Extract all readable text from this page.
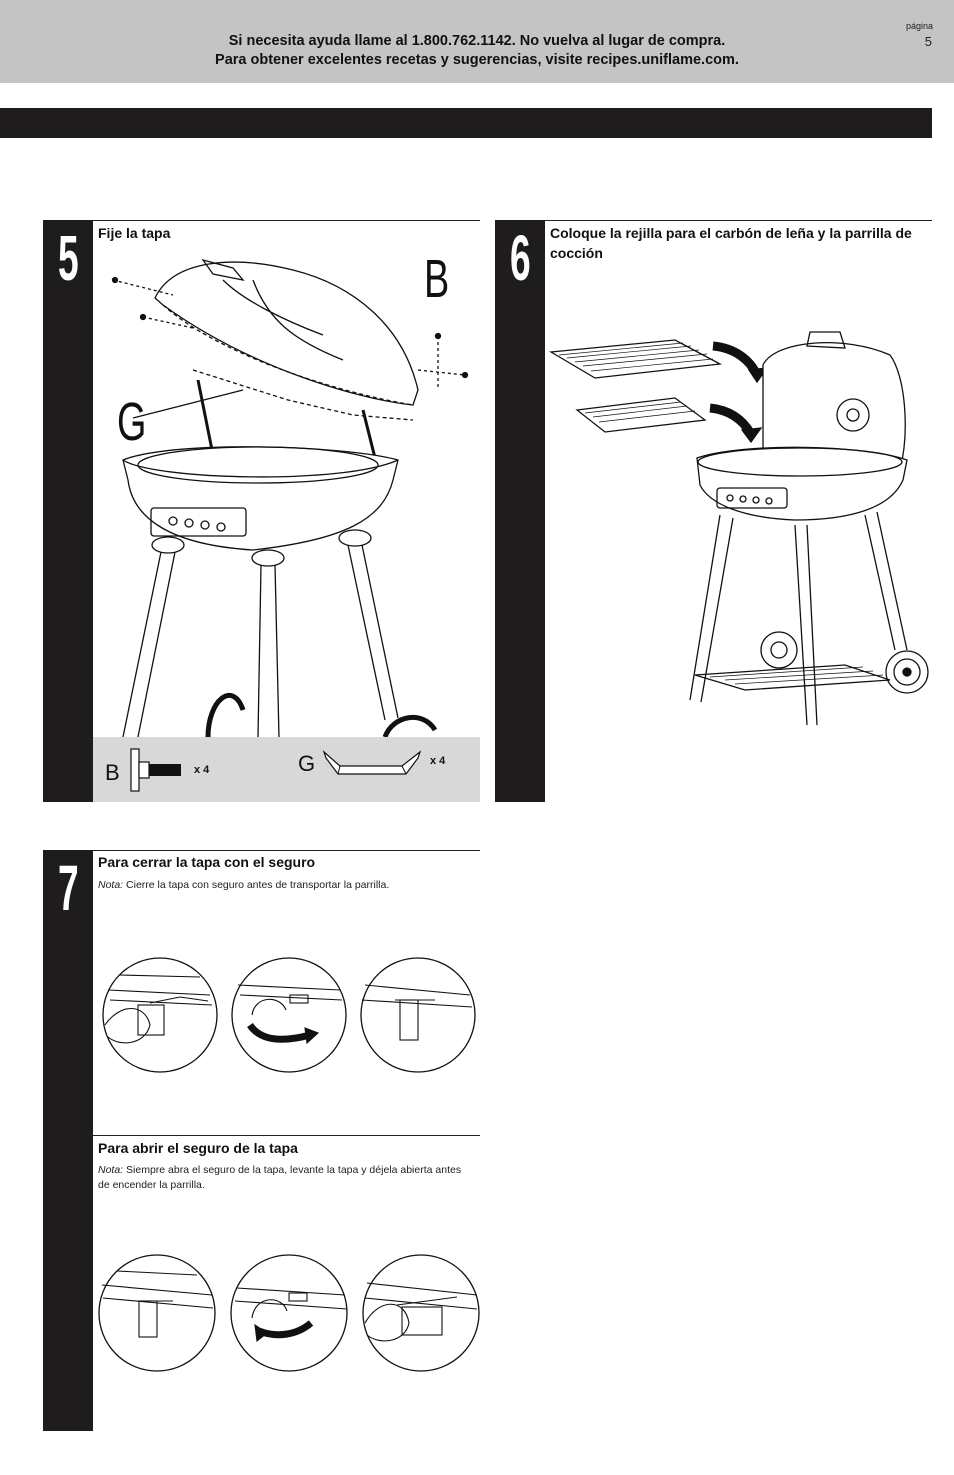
Si necesita ayuda llame al 1.800.762.1142. No vuelva al lugar de compra.
Para obtener excelentes recetas y sugerencias, visite recipes.uniflame.com.
página
5
5 Fije la tapa
B
G
B	x 4	G	x 4
6 Coloque la rejilla para el carbón de leña y la parrilla de cocción
7 Para cerrar la tapa con el seguro
Nota: Cierre la tapa con seguro antes de transportar la parrilla.
Para abrir el seguro de la tapa
Nota: Siempre abra el seguro de la tapa, levante la tapa y déjela abierta antes de encender la parrilla.
